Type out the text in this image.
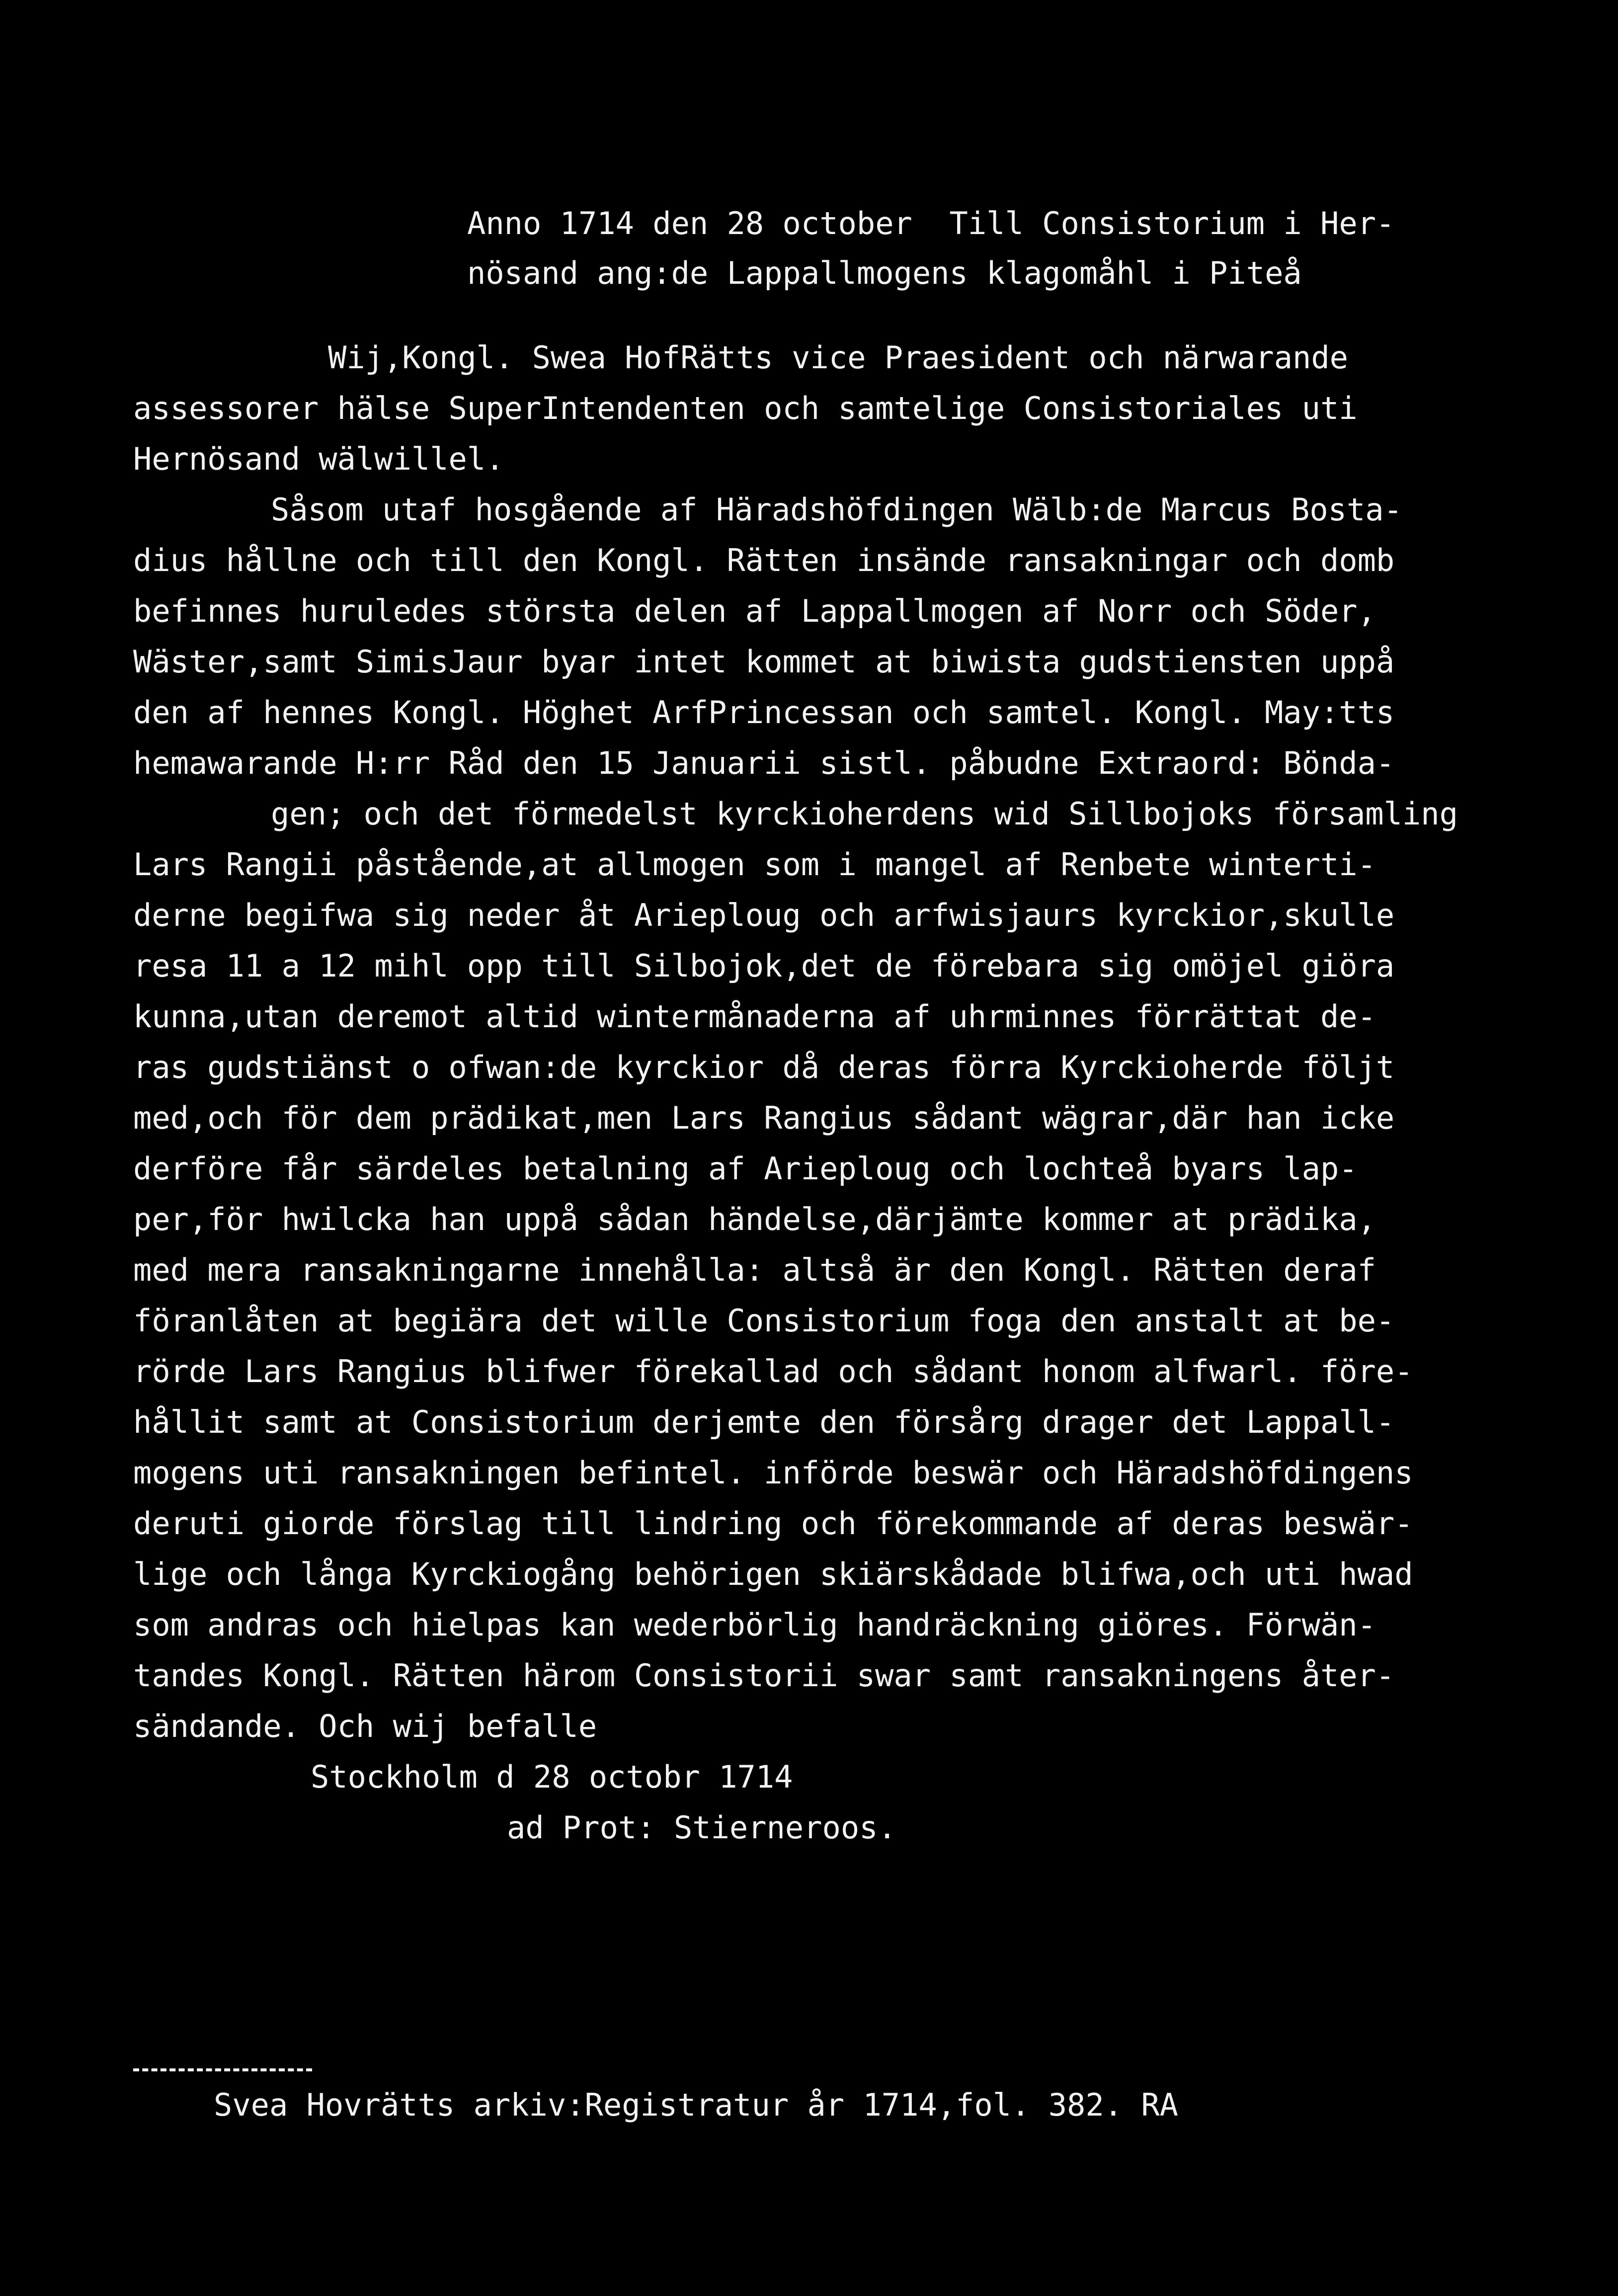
Anno 1714 den 28 october  Till Consistorium i Her-
nösand ang:de Lappallmogens klagomåhl i Piteå
Wij,Kongl. Swea HofRätts vice Praesident och närwarande
assessorer hälse SuperIntendenten och samtelige Consistoriales uti
Hernösand wälwillel.
Såsom utaf hosgående af Häradshöfdingen Wälb:de Marcus Bosta-
dius hållne och till den Kongl. Rätten insände ransakningar och domb
befinnes huruledes största delen af Lappallmogen af Norr och Söder,
Wäster,samt SimisJaur byar intet kommet at biwista gudstiensten uppå
den af hennes Kongl. Höghet ArfPrincessan och samtel. Kongl. May:tts
hemawarande H:rr Råd den 15 Januarii sistl. påbudne Extraord: Bönda-
gen; och det förmedelst kyrckioherdens wid Sillbojoks församling
Lars Rangii påstående,at allmogen som i mangel af Renbete winterti-
derne begifwa sig neder åt Arieploug och arfwisjaurs kyrckior,skulle
resa 11 a 12 mihl opp till Silbojok,det de förebara sig omöjel giöra
kunna,utan deremot altid wintermånaderna af uhrminnes förrättat de-
ras gudstiänst o ofwan:de kyrckior då deras förra Kyrckioherde följt
med,och för dem prädikat,men Lars Rangius sådant wägrar,där han icke
derföre får särdeles betalning af Arieploug och lochteå byars lap-
per,för hwilcka han uppå sådan händelse,därjämte kommer at prädika,
med mera ransakningarne innehålla: altså är den Kongl. Rätten deraf
föranlåten at begiära det wille Consistorium foga den anstalt at be-
rörde Lars Rangius blifwer förekallad och sådant honom alfwarl. före-
hållit samt at Consistorium derjemte den försårg drager det Lappall-
mogens uti ransakningen befintel. införde beswär och Häradshöfdingens
deruti giorde förslag till lindring och förekommande af deras beswär-
lige och långa Kyrckiogång behörigen skiärskådade blifwa,och uti hwad
som andras och hielpas kan wederbörlig handräckning giöres. Förwän-
tandes Kongl. Rätten härom Consistorii swar samt ransakningens åter-
sändande. Och wij befalle
Stockholm d 28 octobr 1714
ad Prot: Stierneroos.
Svea Hovrätts arkiv:Registratur år 1714,fol. 382. RA
